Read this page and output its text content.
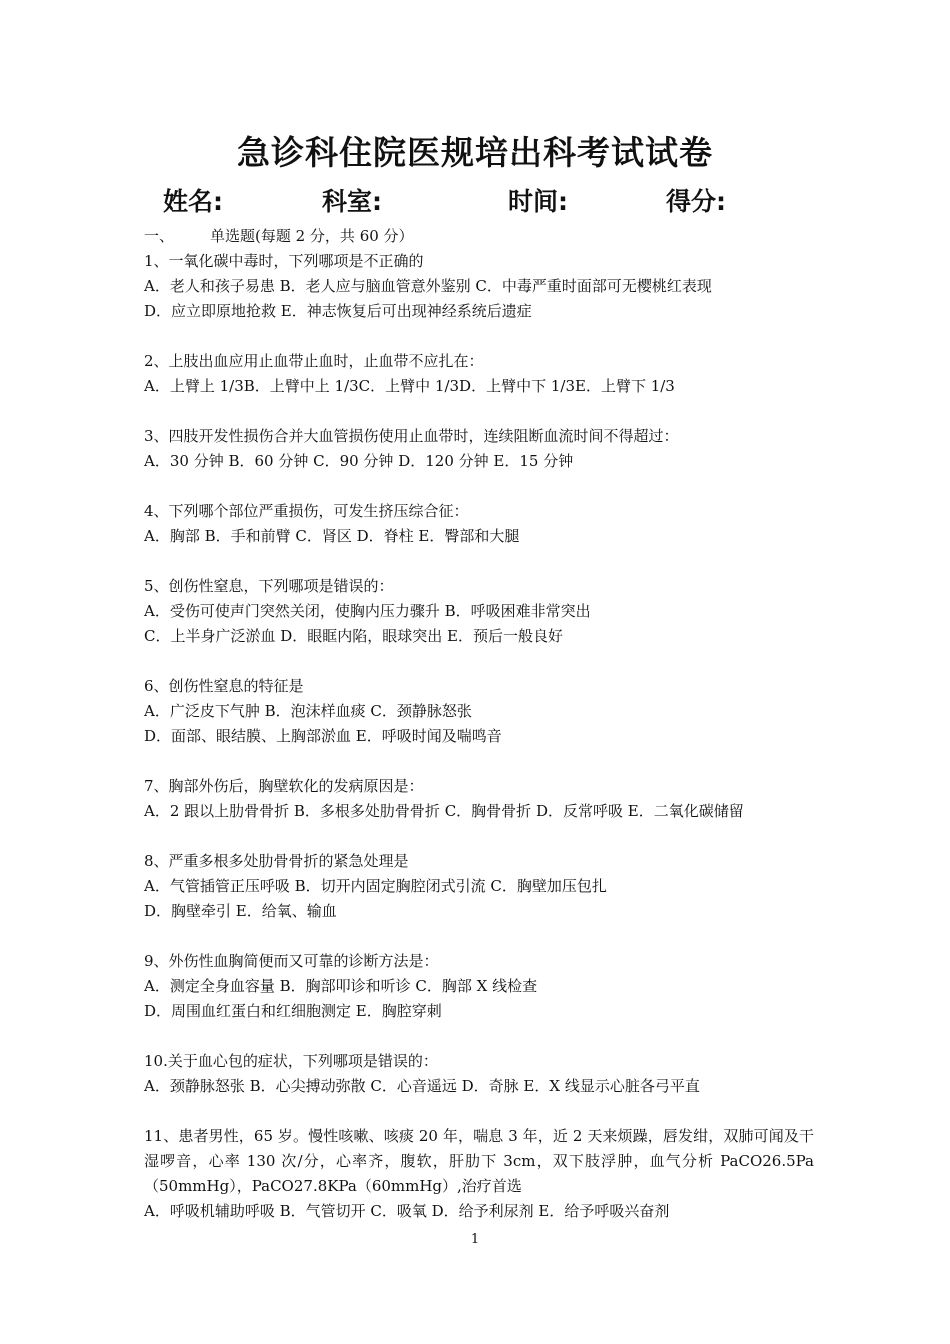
急诊科住院医规培出科考试试卷
姓名:	科室:	时间:	得分:
一、 单选题(每题 2 分，共 60 分）
1、一氧化碳中毒时，下列哪项是不正确的
A．老人和孩子易患 B．老人应与脑血管意外鉴别 C．中毒严重时面部可无樱桃红表现
D．应立即原地抢救 E．神志恢复后可出现神经系统后遗症
2、上肢出血应用止血带止血时，止血带不应扎在：
A．上臂上 1/3B．上臂中上 1/3C．上臂中 1/3D．上臂中下 1/3E．上臂下 1/3
3、四肢开发性损伤合并大血管损伤使用止血带时，连续阻断血流时间不得超过：
A．30 分钟 B．60 分钟 C．90 分钟 D．120 分钟 E．15 分钟
4、下列哪个部位严重损伤，可发生挤压综合征：
A．胸部 B．手和前臂 C．肾区 D．脊柱 E．臀部和大腿
5、创伤性窒息，下列哪项是错误的：
A．受伤可使声门突然关闭，使胸内压力骤升 B．呼吸困难非常突出
C．上半身广泛淤血 D．眼眶内陷，眼球突出 E．预后一般良好
6、创伤性窒息的特征是
A．广泛皮下气肿 B．泡沫样血痰 C．颈静脉怒张
D．面部、眼结膜、上胸部淤血 E．呼吸时闻及喘鸣音
7、胸部外伤后，胸壁软化的发病原因是：
A．2 跟以上肋骨骨折 B．多根多处肋骨骨折 C．胸骨骨折 D．反常呼吸 E．二氧化碳储留
8、严重多根多处肋骨骨折的紧急处理是
A．气管插管正压呼吸 B．切开内固定胸腔闭式引流 C．胸壁加压包扎
D．胸壁牵引 E．给氧、输血
9、外伤性血胸简便而又可靠的诊断方法是：
A．测定全身血容量 B．胸部叩诊和听诊 C．胸部 X 线检查
D．周围血红蛋白和红细胞测定 E．胸腔穿刺
10.关于血心包的症状，下列哪项是错误的：
A．颈静脉怒张 B．心尖搏动弥散 C．心音遥远 D．奇脉 E．X 线显示心脏各弓平直
11、患者男性，65 岁。慢性咳嗽、咳痰 20 年，喘息 3 年，近 2 天来烦躁，唇发绀，双肺可闻及干湿啰音，心率 130 次/分，心率齐，腹软，肝肋下 3cm，双下肢浮肿，血气分析 PaCO26.5Pa（50mmHg），PaCO27.8KPa（60mmHg）,治疗首选
A．呼吸机辅助呼吸 B．气管切开 C．吸氧 D．给予利尿剂 E．给予呼吸兴奋剂
1
